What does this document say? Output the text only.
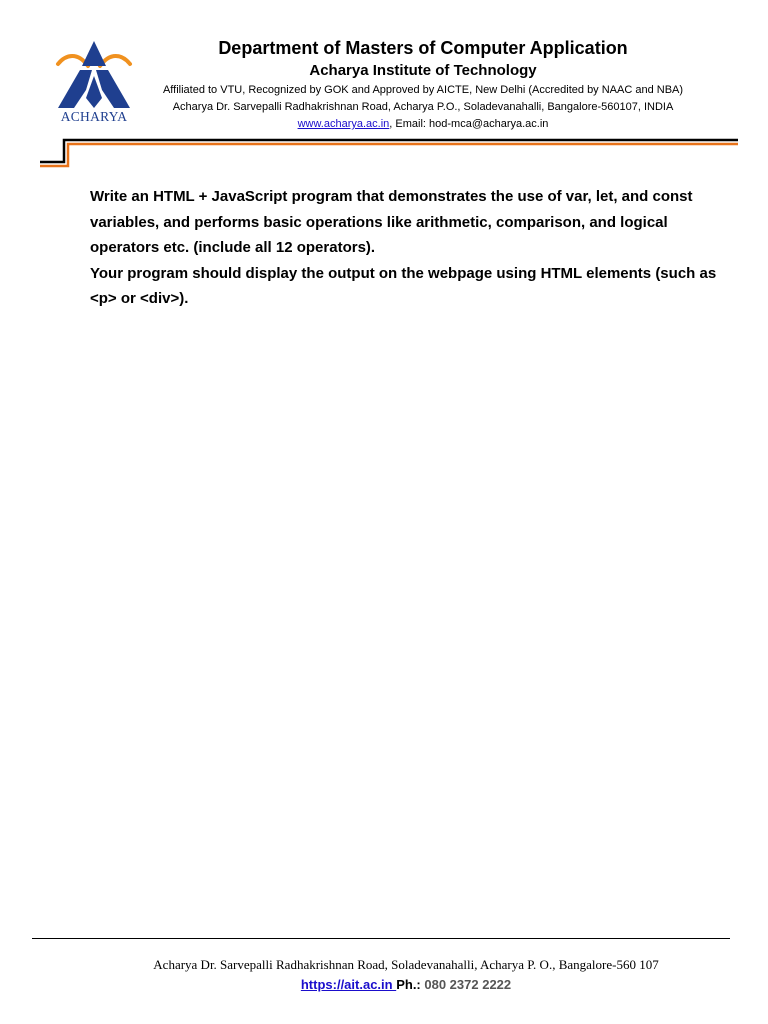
ACHARYA

Department of Masters of Computer Application

Acharya Institute of Technology

Affiliated to VTU, Recognized by GOK and Approved by AICTE, New Delhi (Accredited by NAAC and NBA)

Acharya Dr. Sarvepalli Radhakrishnan Road, Acharya P.O., Soladevanahalli, Bangalore-560107, INDIA

www.acharya.ac.in, Email: hod-mca@acharya.ac.in

Write an HTML + JavaScript program that demonstrates the use of var, let, and const variables, and performs basic operations like arithmetic, comparison, and logical operators etc. (include all 12 operators).

Your program should display the output on the webpage using HTML elements (such as <p> or <div>).

Acharya Dr. Sarvepalli Radhakrishnan Road, Soladevanahalli, Acharya P. O., Bangalore-560 107
https://ait.ac.in Ph.: 080 2372 2222
